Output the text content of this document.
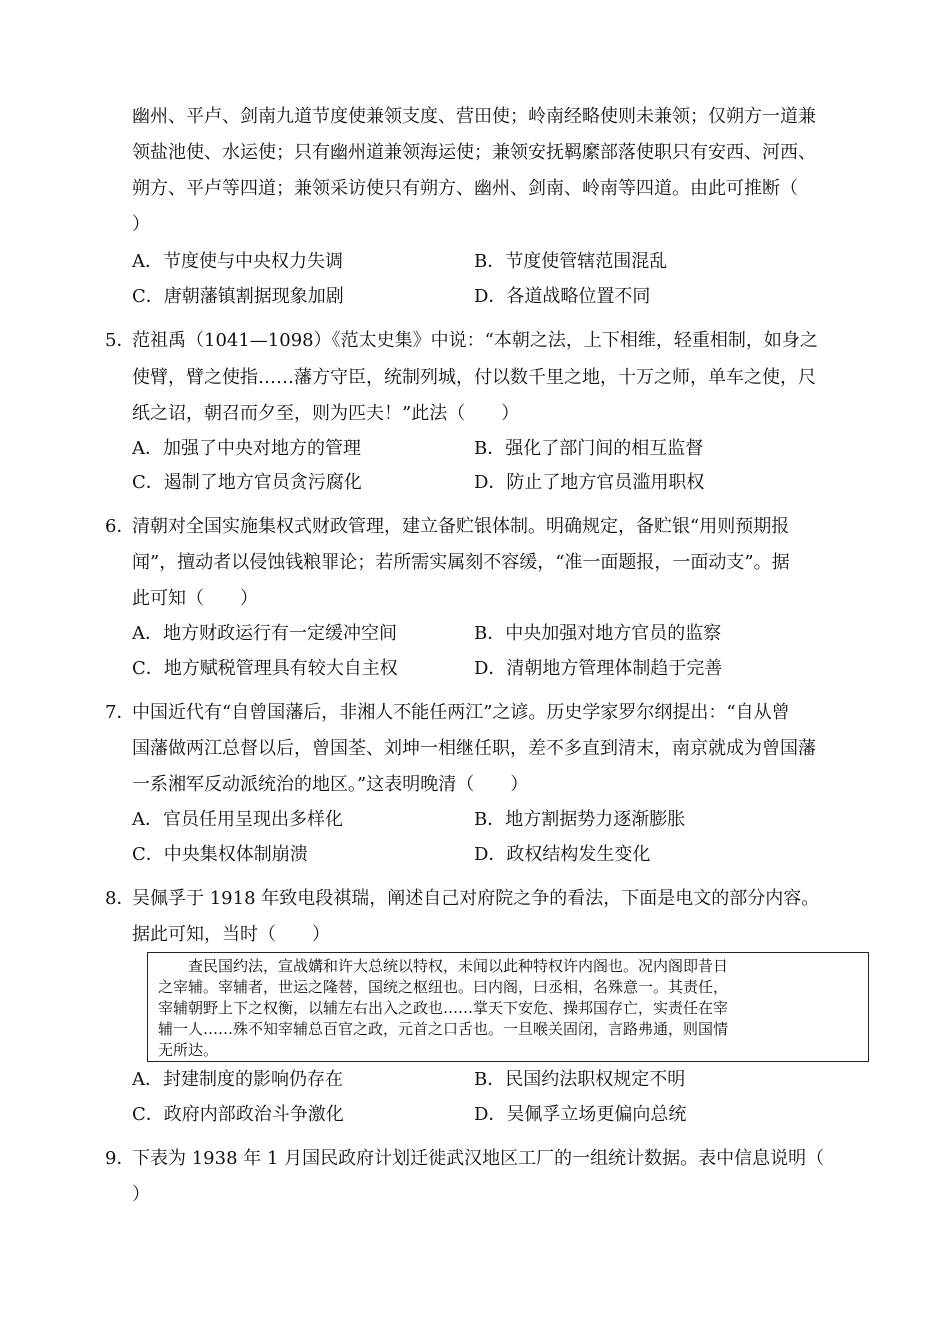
幽州、平卢、剑南九道节度使兼领支度、营田使；岭南经略使则未兼领；仅朔方一道兼
领盐池使、水运使；只有幽州道兼领海运使；兼领安抚羁縻部落使职只有安西、河西、
朔方、平卢等四道；兼领采访使只有朔方、幽州、剑南、岭南等四道。由此可推断（
）
A．节度使与中央权力失调	B．节度使管辖范围混乱
C．唐朝藩镇割据现象加剧	D．各道战略位置不同
5．范祖禹（1041—1098）《范太史集》中说：“本朝之法，上下相维，轻重相制，如身之
使臂，臂之使指……藩方守臣，统制列城，付以数千里之地，十万之师，单车之使，尺
纸之诏，朝召而夕至，则为匹夫！”此法（　　）
A．加强了中央对地方的管理	B．强化了部门间的相互监督
C．遏制了地方官员贪污腐化	D．防止了地方官员滥用职权
6．清朝对全国实施集权式财政管理，建立备贮银体制。明确规定，备贮银“用则预期报
闻”，擅动者以侵蚀钱粮罪论；若所需实属刻不容缓，“准一面题报，一面动支”。据
此可知（　　）
A．地方财政运行有一定缓冲空间	B．中央加强对地方官员的监察
C．地方赋税管理具有较大自主权	D．清朝地方管理体制趋于完善
7．中国近代有“自曾国藩后，非湘人不能任两江”之谚。历史学家罗尔纲提出：“自从曾
国藩做两江总督以后，曾国荃、刘坤一相继任职，差不多直到清末，南京就成为曾国藩
一系湘军反动派统治的地区。”这表明晚清（　　）
A．官员任用呈现出多样化	B．地方割据势力逐渐膨胀
C．中央集权体制崩溃	D．政权结构发生变化
8．吴佩孚于 1918 年致电段祺瑞，阐述自己对府院之争的看法，下面是电文的部分内容。
据此可知，当时（　　）
　　查民国约法，宣战媾和许大总统以特权，未闻以此种特权许内阁也。况内阁即昔日
之宰辅。宰辅者，世运之隆替，国统之枢纽也。曰内阁，曰丞相，名殊意一。其责任，
宰辅朝野上下之权衡，以辅左右出入之政也……掌天下安危、操邦国存亡，实责任在宰
辅一人……殊不知宰辅总百官之政，元首之口舌也。一旦喉关固闭，言路弗通，则国情
无所达。
A．封建制度的影响仍存在	B．民国约法职权规定不明
C．政府内部政治斗争激化	D．吴佩孚立场更偏向总统
9．下表为 1938 年 1 月国民政府计划迁徙武汉地区工厂的一组统计数据。表中信息说明（
）
